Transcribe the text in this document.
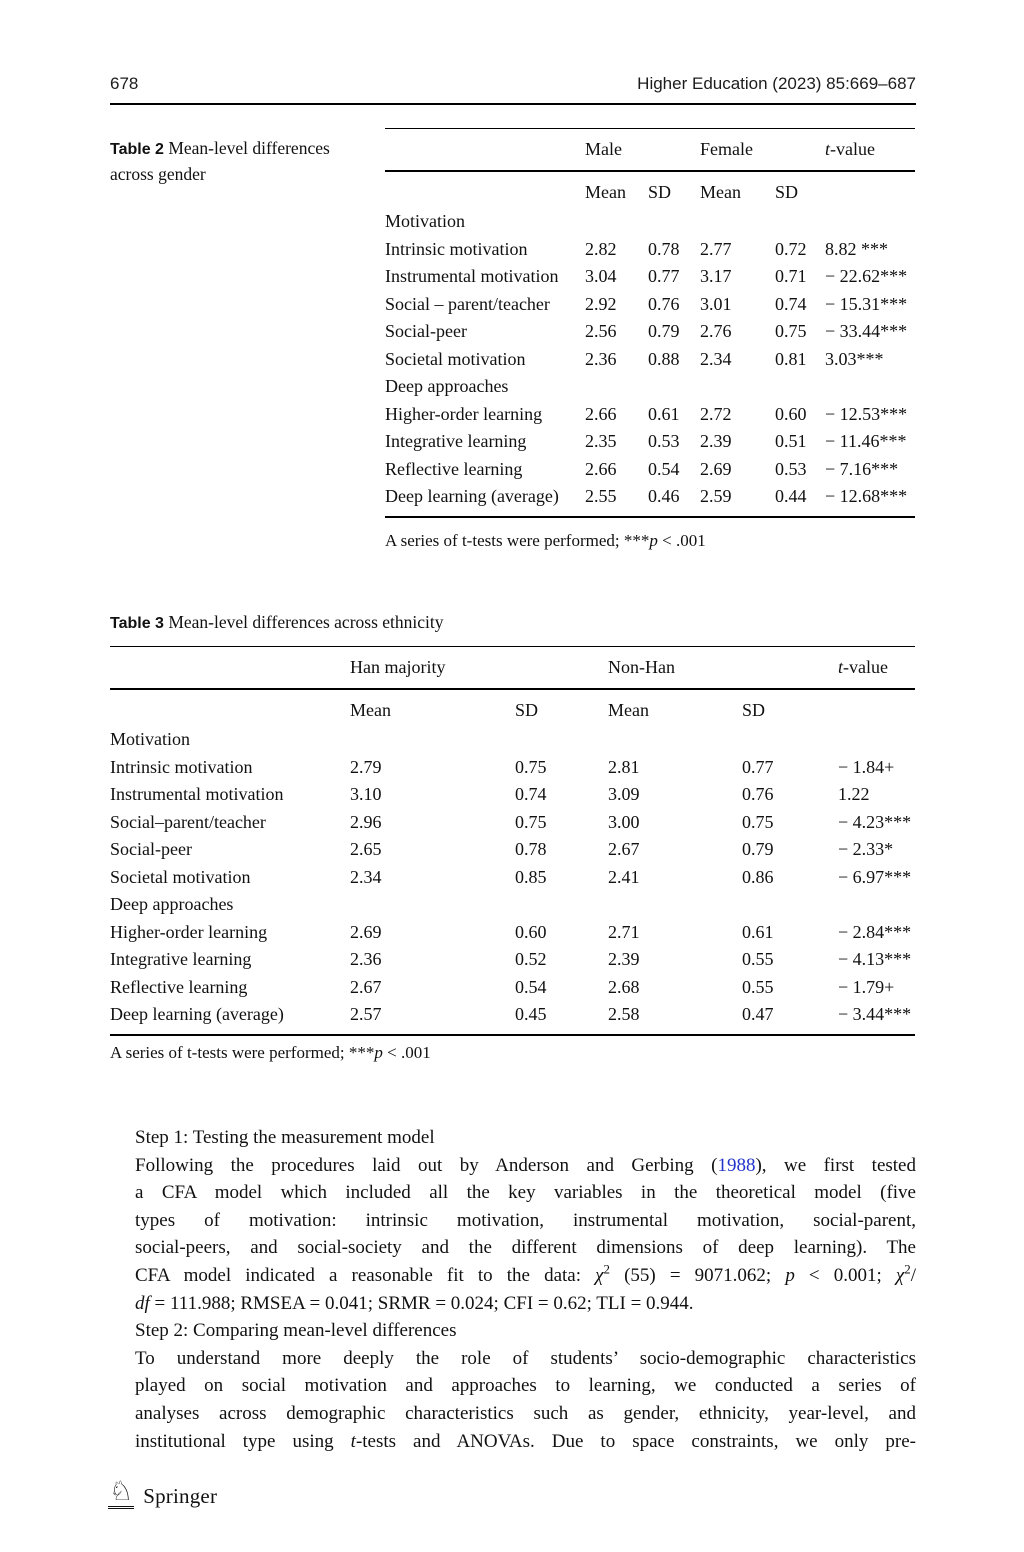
678	Higher Education (2023) 85:669–687
Table 2 Mean-level differences across gender
Male	Female	t-value
Mean	SD	Mean	SD
Motivation
Intrinsic motivation	2.82	0.78	2.77	0.72	8.82 ***
Instrumental motivation	3.04	0.77	3.17	0.71	− 22.62***
Social – parent/teacher	2.92	0.76	3.01	0.74	− 15.31***
Social-peer	2.56	0.79	2.76	0.75	− 33.44***
Societal motivation	2.36	0.88	2.34	0.81	3.03***
Deep approaches
Higher-order learning	2.66	0.61	2.72	0.60	− 12.53***
Integrative learning	2.35	0.53	2.39	0.51	− 11.46***
Reflective learning	2.66	0.54	2.69	0.53	− 7.16***
Deep learning (average)	2.55	0.46	2.59	0.44	− 12.68***
A series of t-tests were performed; ***p < .001
Table 3 Mean-level differences across ethnicity
Han majority	Non-Han	t-value
Mean	SD	Mean	SD
Motivation
Intrinsic motivation	2.79	0.75	2.81	0.77	− 1.84+
Instrumental motivation	3.10	0.74	3.09	0.76	1.22
Social–parent/teacher	2.96	0.75	3.00	0.75	− 4.23***
Social-peer	2.65	0.78	2.67	0.79	− 2.33*
Societal motivation	2.34	0.85	2.41	0.86	− 6.97***
Deep approaches
Higher-order learning	2.69	0.60	2.71	0.61	− 2.84***
Integrative learning	2.36	0.52	2.39	0.55	− 4.13***
Reflective learning	2.67	0.54	2.68	0.55	− 1.79+
Deep learning (average)	2.57	0.45	2.58	0.47	− 3.44***
A series of t-tests were performed; ***p < .001
Step 1: Testing the measurement model
Following the procedures laid out by Anderson and Gerbing (1988), we first tested
a CFA model which included all the key variables in the theoretical model (five
types of motivation: intrinsic motivation, instrumental motivation, social-parent,
social-peers, and social-society and the different dimensions of deep learning). The
CFA model indicated a reasonable fit to the data: $\chi^2$ (55) = 9071.062; p < 0.001; $\chi^2/$
df = 111.988; RMSEA = 0.041; SRMR = 0.024; CFI = 0.62; TLI = 0.944.
Step 2: Comparing mean-level differences
To understand more deeply the role of students’ socio-demographic characteristics
played on social motivation and approaches to learning, we conducted a series of
analyses across demographic characteristics such as gender, ethnicity, year-level, and
institutional type using t-tests and ANOVAs. Due to space constraints, we only pre-
♘ Springer
